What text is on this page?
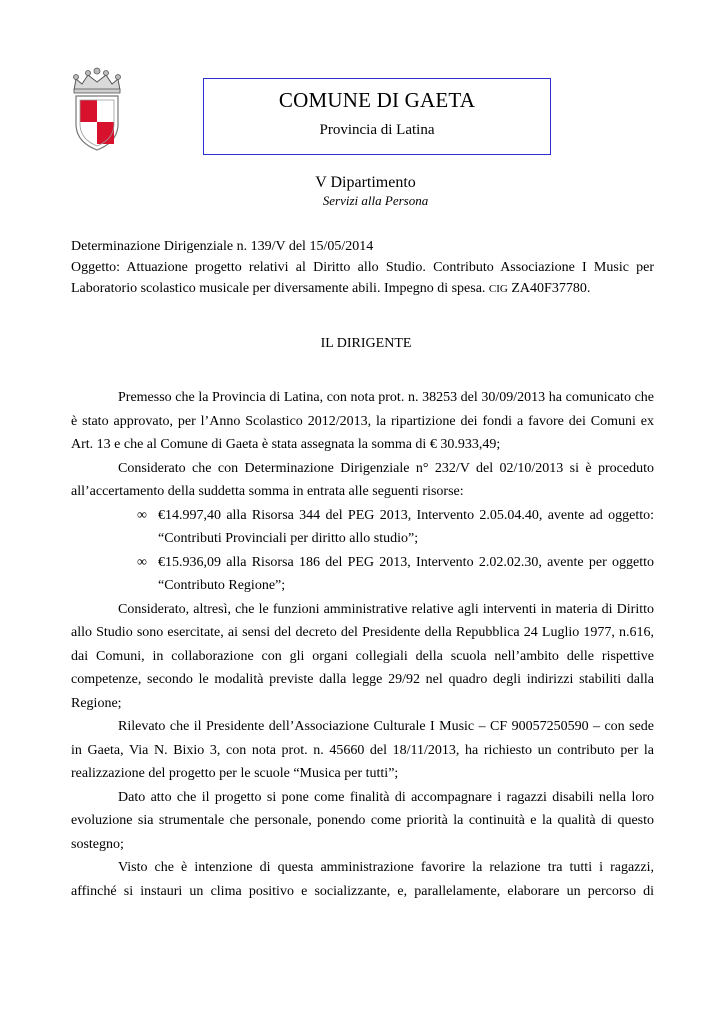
COMUNE DI GAETA
Provincia di Latina
V Dipartimento
Servizi alla Persona
Determinazione Dirigenziale n. 139/V del 15/05/2014
Oggetto: Attuazione progetto relativi al Diritto allo Studio. Contributo Associazione I Music per
Laboratorio scolastico musicale per diversamente abili. Impegno di spesa. CIG ZA40F37780.
IL DIRIGENTE

Premesso che la Provincia di Latina, con nota prot. n. 38253 del 30/09/2013 ha comunicato che è stato approvato, per l’Anno Scolastico 2012/2013, la ripartizione dei fondi a favore dei Comuni ex Art. 13 e che al Comune di Gaeta è stata assegnata la somma di € 30.933,49;

Considerato che con Determinazione Dirigenziale n° 232/V del 02/10/2013 si è proceduto all’accertamento della suddetta somma in entrata alle seguenti risorse:

∞ €14.997,40 alla Risorsa 344 del PEG 2013, Intervento 2.05.04.40, avente ad oggetto: “Contributi Provinciali per diritto allo studio”;
∞ €15.936,09 alla Risorsa 186 del PEG 2013, Intervento 2.02.02.30, avente per oggetto “Contributo Regione”;

Considerato, altresì, che le funzioni amministrative relative agli interventi in materia di Diritto allo Studio sono esercitate, ai sensi del decreto del Presidente della Repubblica 24 Luglio 1977, n.616, dai Comuni, in collaborazione con gli organi collegiali della scuola nell’ambito delle rispettive competenze, secondo le modalità previste dalla legge 29/92 nel quadro degli indirizzi stabiliti dalla Regione;

Rilevato che il Presidente dell’Associazione Culturale I Music – CF 90057250590 – con sede in Gaeta, Via N. Bixio 3, con nota prot. n. 45660 del 18/11/2013, ha richiesto un contributo per la realizzazione del progetto per le scuole “Musica per tutti”;

Dato atto che il progetto si pone come finalità di accompagnare i ragazzi disabili nella loro evoluzione sia strumentale che personale, ponendo come priorità la continuità e la qualità di questo sostegno;

Visto che è intenzione di questa amministrazione favorire la relazione tra tutti i ragazzi, affinché si instauri un clima positivo e socializzante, e, parallelamente, elaborare un percorso di
